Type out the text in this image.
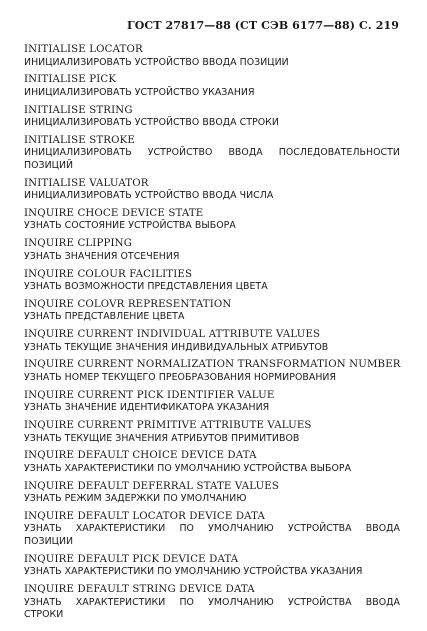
ГОСТ 27817—88 (СТ СЭВ 6177—88) С. 219
INITIALISE LOCATOR
ИНИЦИАЛИЗИРОВАТЬ УСТРОЙСТВО ВВОДА ПОЗИЦИИ
INITIALISE PICK
ИНИЦИАЛИЗИРОВАТЬ УСТРОЙСТВО УКАЗАНИЯ
INITIALISE STRING
ИНИЦИАЛИЗИРОВАТЬ УСТРОЙСТВО ВВОДА СТРОКИ
INITIALISE STROKE
ИНИЦИАЛИЗИРОВАТЬ УСТРОЙСТВО ВВОДА ПОСЛЕДОВАТЕЛЬНОСТИ
ПОЗИЦИЙ
INITIALISE VALUATOR
ИНИЦИАЛИЗИРОВАТЬ УСТРОЙСТВО ВВОДА ЧИСЛА
INQUIRE CHOCE DEVICE STATE
УЗНАТЬ СОСТОЯНИЕ УСТРОЙСТВА ВЫБОРА
INQUIRE CLIPPING
УЗНАТЬ ЗНАЧЕНИЯ ОТСЕЧЕНИЯ
INQUIRE COLOUR FACILITIES
УЗНАТЬ ВОЗМОЖНОСТИ ПРЕДСТАВЛЕНИЯ ЦВЕТА
INQUIRE COLOVR REPRESENTATION
УЗНАТЬ ПРЕДСТАВЛЕНИЕ ЦВЕТА
INQUIRE CURRENT INDIVIDUAL ATTRIBUTE VALUES
УЗНАТЬ ТЕКУЩИЕ ЗНАЧЕНИЯ ИНДИВИДУАЛЬНЫХ АТРИБУТОВ
INQUIRE CURRENT NORMALIZATION TRANSFORMATION NUMBER
УЗНАТЬ НОМЕР ТЕКУЩЕГО ПРЕОБРАЗОВАНИЯ НОРМИРОВАНИЯ
INQUIRE CURRENT PICK IDENTIFIER VALUE
УЗНАТЬ ЗНАЧЕНИЕ ИДЕНТИФИКАТОРА УКАЗАНИЯ
INQUIRE CURRENT PRIMITIVE ATTRIBUTE VALUES
УЗНАТЬ ТЕКУЩИЕ ЗНАЧЕНИЯ АТРИБУТОВ ПРИМИТИВОВ
INQUIRE DEFAULT CHOICE DEVICE DATA
УЗНАТЬ ХАРАКТЕРИСТИКИ ПО УМОЛЧАНИЮ УСТРОЙСТВА ВЫБОРА
INQUIRE DEFAULT DEFERRAL STATE VALUES
УЗНАТЬ РЕЖИМ ЗАДЕРЖКИ ПО УМОЛЧАНИЮ
INQUIRE DEFAULT LOCATOR DEVICE DATA
УЗНАТЬ ХАРАКТЕРИСТИКИ ПО УМОЛЧАНИЮ УСТРОЙСТВА ВВОДА
ПОЗИЦИИ
INQUIRE DEFAULT PICK DEVICE DATA
УЗНАТЬ ХАРАКТЕРИСТИКИ ПО УМОЛЧАНИЮ УСТРОЙСТВА УКАЗАНИЯ
INQUIRE DEFAULT STRING DEVICE DATA
УЗНАТЬ ХАРАКТЕРИСТИКИ ПО УМОЛЧАНИЮ УСТРОЙСТВА ВВОДА
СТРОКИ
